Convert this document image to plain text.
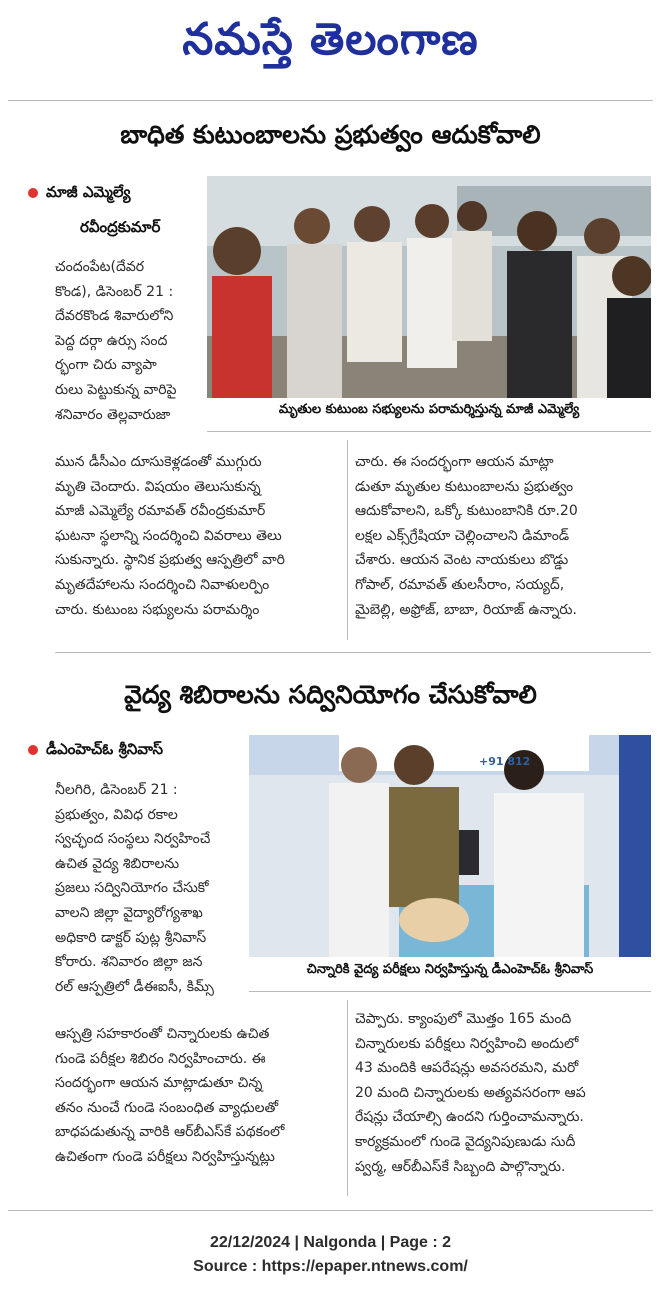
నమస్తే తెలంగాణ
బాధిత కుటుంబాలను ప్రభుత్వం ఆదుకోవాలి
మాజీ ఎమ్మెల్యే
రవీంద్రకుమార్
మృతుల కుటుంబ సభ్యులను పరామర్శిస్తున్న మాజీ ఎమ్మెల్యే
చందంపేట(దేవర
కొండ), డిసెంబర్ 21 :
దేవరకొండ శివారులోని
పెద్ద దర్గా ఉర్సు సంద
ర్భంగా చిరు వ్యాపా
రులు పెట్టుకున్న వారిపై
శనివారం తెల్లవారుజా
మున డీసీఎం దూసుకెళ్లడంతో ముగ్గురు
మృతి చెందారు. విషయం తెలుసుకున్న
మాజీ ఎమ్మెల్యే రమావత్ రవీంద్రకుమార్
ఘటనా స్థలాన్ని సందర్శించి వివరాలు తెలు
సుకున్నారు. స్థానిక ప్రభుత్వ ఆస్పత్రిలో వారి
మృతదేహాలను సందర్శించి నివాళులర్పిం
చారు. కుటుంబ సభ్యులను పరామర్శిం
చారు. ఈ సందర్భంగా ఆయన మాట్లా
డుతూ మృతుల కుటుంబాలను ప్రభుత్వం
ఆదుకోవాలని, ఒక్కో కుటుంబానికి రూ.20
లక్షల ఎక్స్‌గ్రేషియా చెల్లించాలని డిమాండ్
చేశారు. ఆయన వెంట నాయకులు బొడ్డు
గోపాల్, రమావత్ తులసీరాం, సయ్యద్,
మైబెల్లి, అఫ్రోజ్, బాబా, రియాజ్ ఉన్నారు.
వైద్య శిబిరాలను సద్వినియోగం చేసుకోవాలి
డీఎంహెచ్ఓ శ్రీనివాస్
+91 812
చిన్నారికి వైద్య పరీక్షలు నిర్వహిస్తున్న డీఎంహెచ్ఓ శ్రీనివాస్
నీలగిరి, డిసెంబర్ 21 :
ప్రభుత్వం, వివిధ రకాల
స్వచ్ఛంద సంస్థలు నిర్వహించే
ఉచిత వైద్య శిబిరాలను
ప్రజలు సద్వినియోగం చేసుకో
వాలని జిల్లా వైద్యారోగ్యశాఖ
అధికారి డాక్టర్ పుట్ల శ్రీనివాస్
కోరారు. శనివారం జిల్లా జన
రల్ ఆస్పత్రిలో డీఈఐసీ, కిమ్స్
ఆస్పత్రి సహకారంతో చిన్నారులకు ఉచిత
గుండె పరీక్షల శిబిరం నిర్వహించారు. ఈ
సందర్భంగా ఆయన మాట్లాడుతూ చిన్న
తనం నుంచే గుండె సంబంధిత వ్యాధులతో
బాధపడుతున్న వారికి ఆర్‌బీఎస్‌కే పథకంలో
ఉచితంగా గుండె పరీక్షలు నిర్వహిస్తున్నట్లు
చెప్పారు. క్యాంపులో మొత్తం 165 మంది
చిన్నారులకు పరీక్షలు నిర్వహించి అందులో
43 మందికి ఆపరేషన్లు అవసరమని, మరో
20 మంది చిన్నారులకు అత్యవసరంగా ఆప
రేషన్లు చేయాల్సి ఉందని గుర్తించామన్నారు.
కార్యక్రమంలో గుండె వైద్యనిపుణుడు సుదీ
ప్వర్మ, ఆర్‌బీఎస్‌కే సిబ్బంది పాల్గొన్నారు.
22/12/2024 | Nalgonda | Page : 2
Source : https://epaper.ntnews.com/
